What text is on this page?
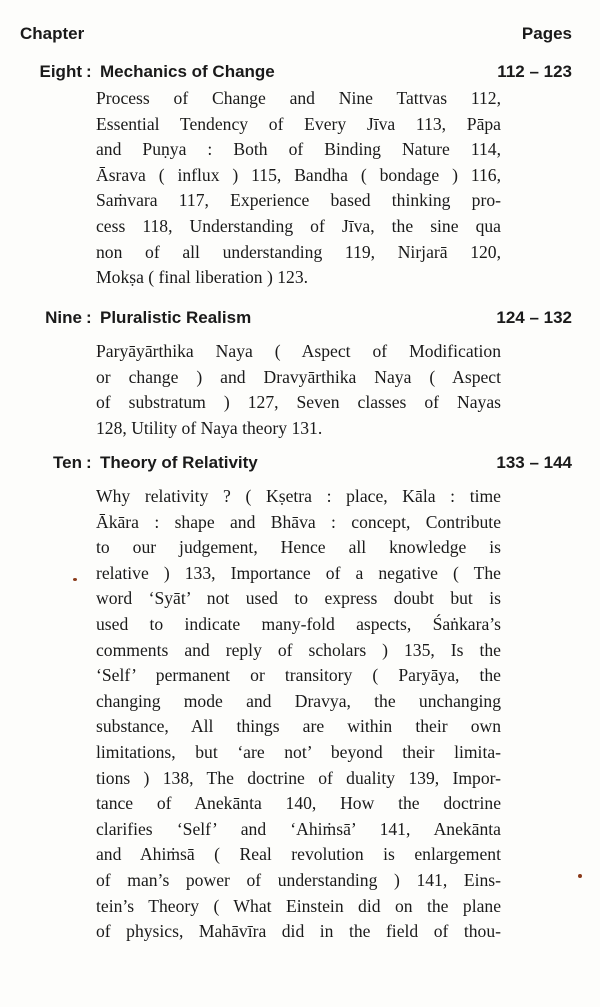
Chapter	Pages
Eight : Mechanics of Change	112 – 123
Process of Change and Nine Tattvas 112,
Essential Tendency of Every Jīva 113, Pāpa
and Puṇya : Both of Binding Nature 114,
Āsrava ( influx ) 115, Bandha ( bondage ) 116,
Saṁvara 117, Experience based thinking pro-
cess 118, Understanding of Jīva, the sine qua
non of all understanding 119, Nirjarā 120,
Mokṣa ( final liberation ) 123.
Nine : Pluralistic Realism	124 – 132
Paryāyārthika Naya ( Aspect of Modification
or change ) and Dravyārthika Naya ( Aspect
of substratum ) 127, Seven classes of Nayas
128, Utility of Naya theory 131.
Ten : Theory of Relativity	133 – 144
Why relativity ? ( Kṣetra : place, Kāla : time
Ākāra : shape and Bhāva : concept, Contribute
to our judgement, Hence all knowledge is
relative ) 133, Importance of a negative ( The
word ‘Syāt’ not used to express doubt but is
used to indicate many-fold aspects, Śaṅkara’s
comments and reply of scholars ) 135, Is the
‘Self’ permanent or transitory ( Paryāya, the
changing mode and Dravya, the unchanging
substance, All things are within their own
limitations, but ‘are not’ beyond their limita-
tions ) 138, The doctrine of duality 139, Impor-
tance of Anekānta 140, How the doctrine
clarifies ‘Self’ and ‘Ahiṁsā’ 141, Anekānta
and Ahiṁsā ( Real revolution is enlargement
of man’s power of understanding ) 141, Eins-
tein’s Theory ( What Einstein did on the plane
of physics, Mahāvīra did in the field of thou-
